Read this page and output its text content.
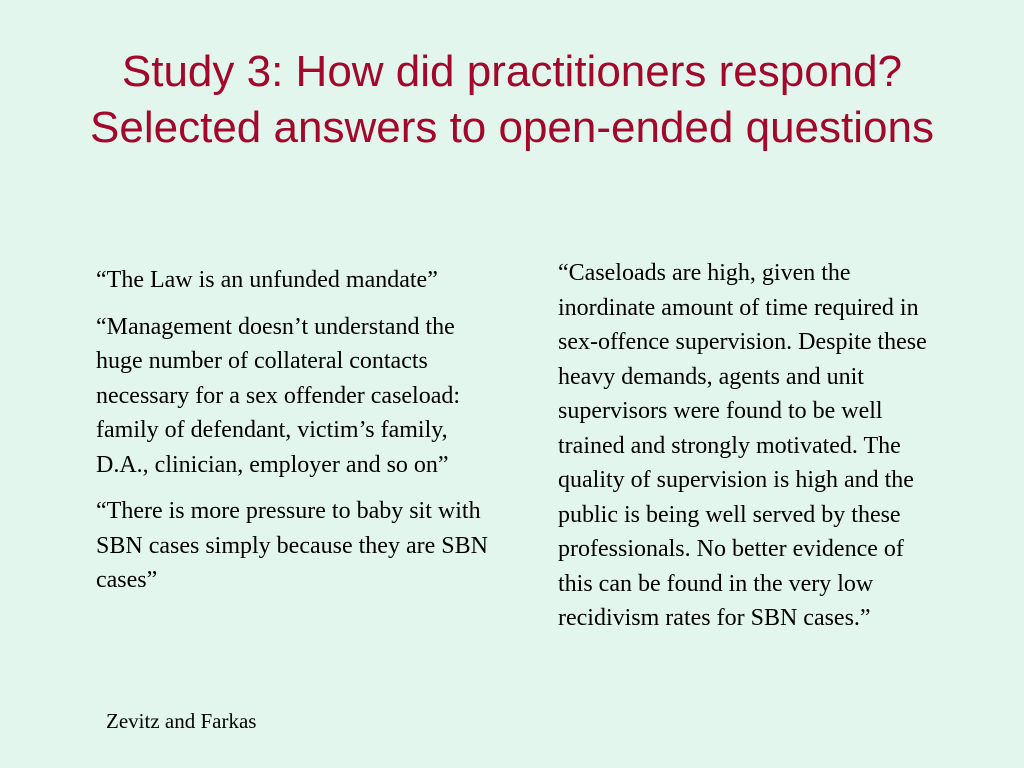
Study 3: How did practitioners respond? Selected answers to open-ended questions

“The Law is an unfunded mandate”

“Management doesn’t understand the huge number of collateral contacts necessary for a sex offender caseload: family of defendant, victim’s family, D.A., clinician, employer and so on”

“There is more pressure to baby sit with SBN cases simply because they are SBN cases”

“Caseloads are high, given the inordinate amount of time required in sex-offence supervision. Despite these heavy demands, agents and unit supervisors were found to be well trained and strongly motivated. The quality of supervision is high and the public is being well served by these professionals. No better evidence of this can be found in the very low recidivism rates for SBN cases.”

Zevitz and Farkas
